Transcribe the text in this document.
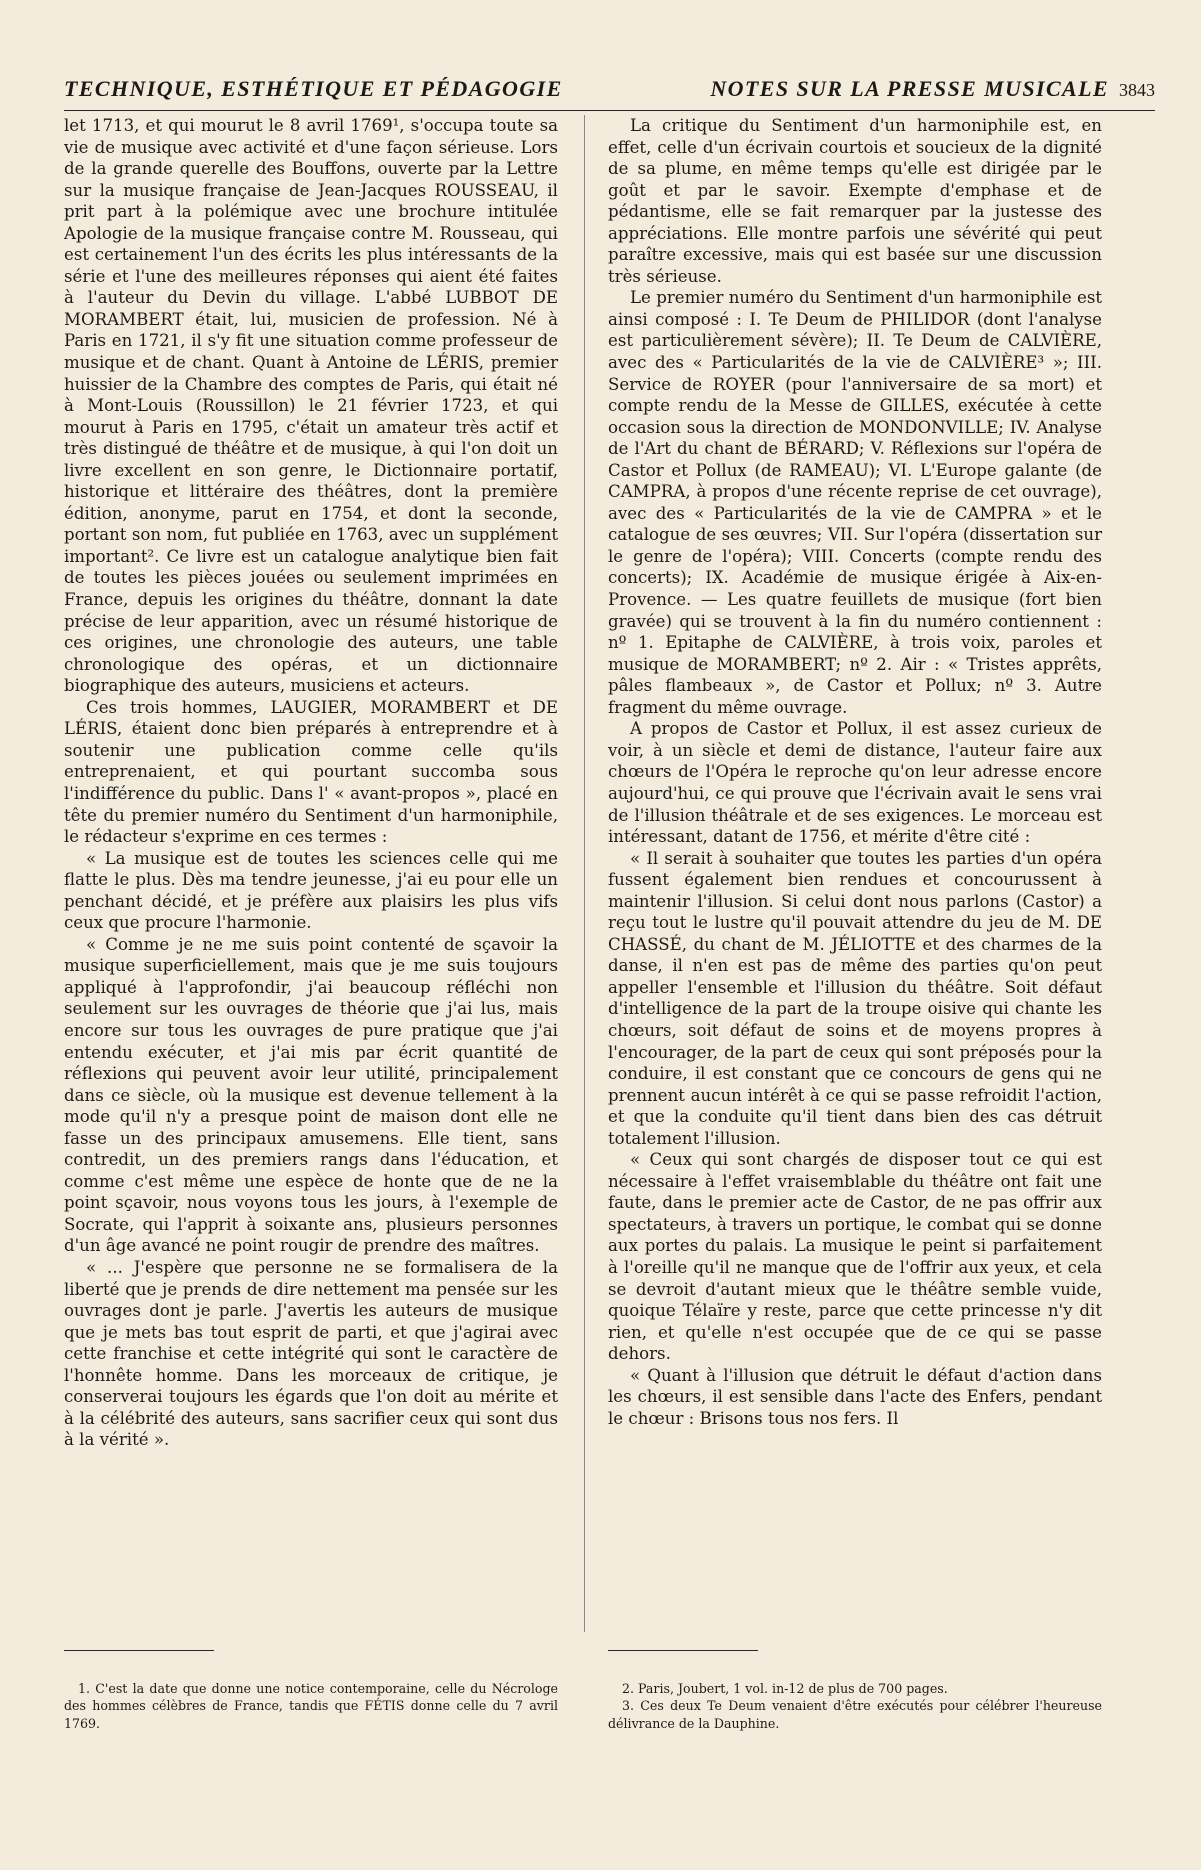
TECHNIQUE, ESTHÉTIQUE ET PÉDAGOGIE	NOTES SUR LA PRESSE MUSICALE 3843

let 1713, et qui mourut le 8 avril 1769¹, s'occupa toute sa vie de musique avec activité et d'une façon sérieuse. Lors de la grande querelle des Bouffons, ouverte par la Lettre sur la musique française de Jean-Jacques ROUSSEAU, il prit part à la polémique avec une brochure intitulée Apologie de la musique française contre M. Rousseau, qui est certainement l'un des écrits les plus intéressants de la série et l'une des meilleures réponses qui aient été faites à l'auteur du Devin du village. L'abbé LUBBOT DE MORAMBERT était, lui, musicien de profession. Né à Paris en 1721, il s'y fit une situation comme professeur de musique et de chant. Quant à Antoine de LÉRIS, premier huissier de la Chambre des comptes de Paris, qui était né à Mont-Louis (Roussillon) le 21 février 1723, et qui mourut à Paris en 1795, c'était un amateur très actif et très distingué de théâtre et de musique, à qui l'on doit un livre excellent en son genre, le Dictionnaire portatif, historique et littéraire des théâtres, dont la première édition, anonyme, parut en 1754, et dont la seconde, portant son nom, fut publiée en 1763, avec un supplément important². Ce livre est un catalogue analytique bien fait de toutes les pièces jouées ou seulement imprimées en France, depuis les origines du théâtre, donnant la date précise de leur apparition, avec un résumé historique de ces origines, une chronologie des auteurs, une table chronologique des opéras, et un dictionnaire biographique des auteurs, musiciens et acteurs.

Ces trois hommes, LAUGIER, MORAMBERT et DE LÉRIS, étaient donc bien préparés à entreprendre et à soutenir une publication comme celle qu'ils entreprenaient, et qui pourtant succomba sous l'indifférence du public. Dans l' « avant-propos », placé en tête du premier numéro du Sentiment d'un harmoniphile, le rédacteur s'exprime en ces termes :

« La musique est de toutes les sciences celle qui me flatte le plus. Dès ma tendre jeunesse, j'ai eu pour elle un penchant décidé, et je préfère aux plaisirs les plus vifs ceux que procure l'harmonie.

« Comme je ne me suis point contenté de sçavoir la musique superficiellement, mais que je me suis toujours appliqué à l'approfondir, j'ai beaucoup réfléchi non seulement sur les ouvrages de théorie que j'ai lus, mais encore sur tous les ouvrages de pure pratique que j'ai entendu exécuter, et j'ai mis par écrit quantité de réflexions qui peuvent avoir leur utilité, principalement dans ce siècle, où la musique est devenue tellement à la mode qu'il n'y a presque point de maison dont elle ne fasse un des principaux amusemens. Elle tient, sans contredit, un des premiers rangs dans l'éducation, et comme c'est même une espèce de honte que de ne la point sçavoir, nous voyons tous les jours, à l'exemple de Socrate, qui l'apprit à soixante ans, plusieurs personnes d'un âge avancé ne point rougir de prendre des maîtres.

« ... J'espère que personne ne se formalisera de la liberté que je prends de dire nettement ma pensée sur les ouvrages dont je parle. J'avertis les auteurs de musique que je mets bas tout esprit de parti, et que j'agirai avec cette franchise et cette intégrité qui sont le caractère de l'honnête homme. Dans les morceaux de critique, je conserverai toujours les égards que l'on doit au mérite et à la célébrité des auteurs, sans sacrifier ceux qui sont dus à la vérité ».

La critique du Sentiment d'un harmoniphile est, en effet, celle d'un écrivain courtois et soucieux de la dignité de sa plume, en même temps qu'elle est dirigée par le goût et par le savoir. Exempte d'emphase et de pédantisme, elle se fait remarquer par la justesse des appréciations. Elle montre parfois une sévérité qui peut paraître excessive, mais qui est basée sur une discussion très sérieuse.

Le premier numéro du Sentiment d'un harmoniphile est ainsi composé : I. Te Deum de PHILIDOR (dont l'analyse est particulièrement sévère); II. Te Deum de CALVIÈRE, avec des « Particularités de la vie de CALVIÈRE³ »; III. Service de ROYER (pour l'anniversaire de sa mort) et compte rendu de la Messe de GILLES, exécutée à cette occasion sous la direction de MONDONVILLE; IV. Analyse de l'Art du chant de BÉRARD; V. Réflexions sur l'opéra de Castor et Pollux (de RAMEAU); VI. L'Europe galante (de CAMPRA, à propos d'une récente reprise de cet ouvrage), avec des « Particularités de la vie de CAMPRA » et le catalogue de ses œuvres; VII. Sur l'opéra (dissertation sur le genre de l'opéra); VIII. Concerts (compte rendu des concerts); IX. Académie de musique érigée à Aix-en-Provence. — Les quatre feuillets de musique (fort bien gravée) qui se trouvent à la fin du numéro contiennent : nº 1. Epitaphe de CALVIÈRE, à trois voix, paroles et musique de MORAMBERT; nº 2. Air : « Tristes apprêts, pâles flambeaux », de Castor et Pollux; nº 3. Autre fragment du même ouvrage.

A propos de Castor et Pollux, il est assez curieux de voir, à un siècle et demi de distance, l'auteur faire aux chœurs de l'Opéra le reproche qu'on leur adresse encore aujourd'hui, ce qui prouve que l'écrivain avait le sens vrai de l'illusion théâtrale et de ses exigences. Le morceau est intéressant, datant de 1756, et mérite d'être cité :

« Il serait à souhaiter que toutes les parties d'un opéra fussent également bien rendues et concourussent à maintenir l'illusion. Si celui dont nous parlons (Castor) a reçu tout le lustre qu'il pouvait attendre du jeu de M. DE CHASSÉ, du chant de M. JÉLIOTTE et des charmes de la danse, il n'en est pas de même des parties qu'on peut appeller l'ensemble et l'illusion du théâtre. Soit défaut d'intelligence de la part de la troupe oisive qui chante les chœurs, soit défaut de soins et de moyens propres à l'encourager, de la part de ceux qui sont préposés pour la conduire, il est constant que ce concours de gens qui ne prennent aucun intérêt à ce qui se passe refroidit l'action, et que la conduite qu'il tient dans bien des cas détruit totalement l'illusion.

« Ceux qui sont chargés de disposer tout ce qui est nécessaire à l'effet vraisemblable du théâtre ont fait une faute, dans le premier acte de Castor, de ne pas offrir aux spectateurs, à travers un portique, le combat qui se donne aux portes du palais. La musique le peint si parfaitement à l'oreille qu'il ne manque que de l'offrir aux yeux, et cela se devroit d'autant mieux que le théâtre semble vuide, quoique Télaïre y reste, parce que cette princesse n'y dit rien, et qu'elle n'est occupée que de ce qui se passe dehors.

« Quant à l'illusion que détruit le défaut d'action dans les chœurs, il est sensible dans l'acte des Enfers, pendant le chœur : Brisons tous nos fers. Il

1. C'est la date que donne une notice contemporaine, celle du Nécrologe des hommes célèbres de France, tandis que FÉTIS donne celle du 7 avril 1769.

2. Paris, Joubert, 1 vol. in-12 de plus de 700 pages.

3. Ces deux Te Deum venaient d'être exécutés pour célébrer l'heureuse délivrance de la Dauphine.
